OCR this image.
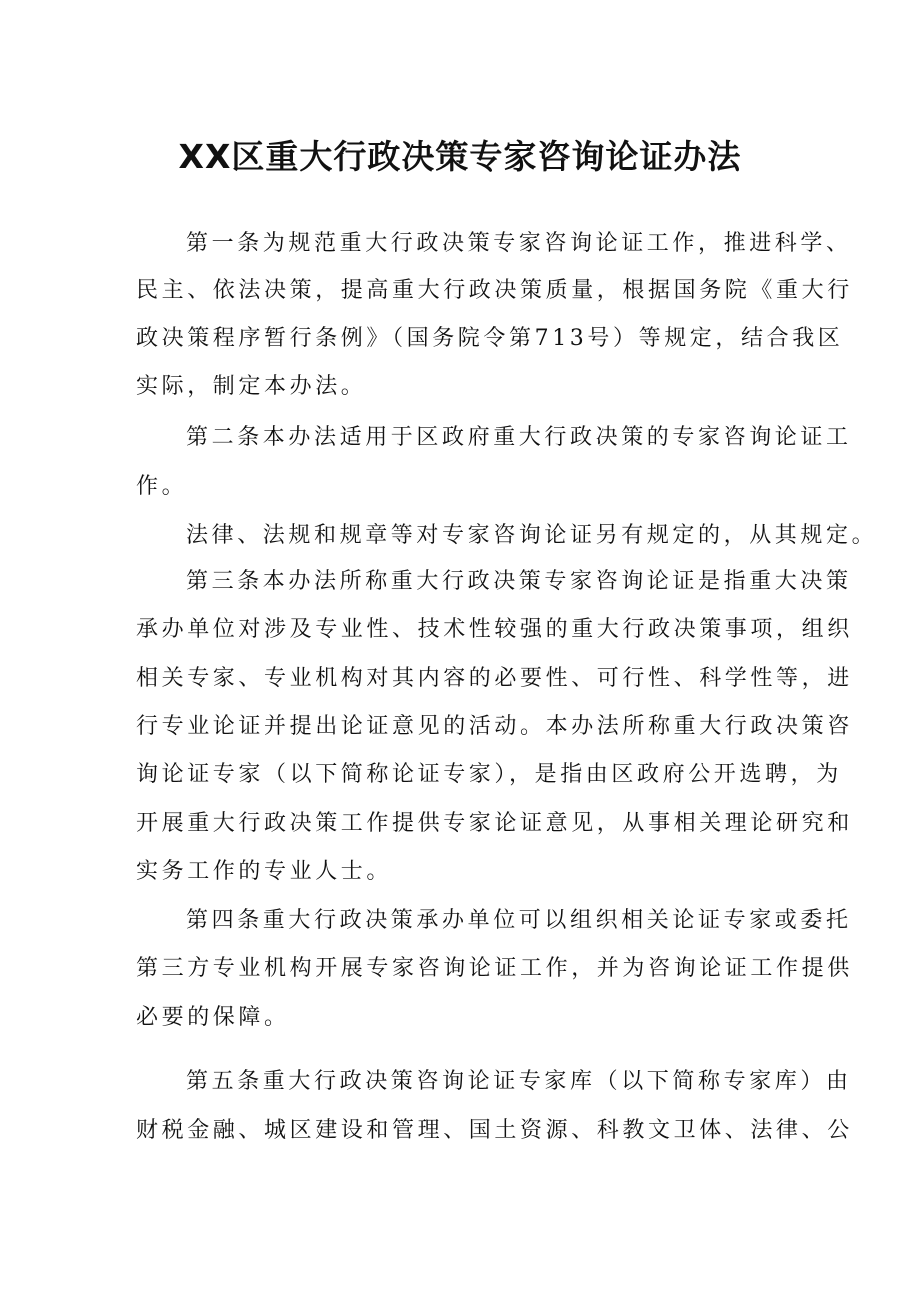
XX区重大行政决策专家咨询论证办法
第一条为规范重大行政决策专家咨询论证工作，推进科学、
民主、依法决策，提高重大行政决策质量，根据国务院《重大行
政决策程序暂行条例》（国务院令第713号）等规定，结合我区
实际，制定本办法。
第二条本办法适用于区政府重大行政决策的专家咨询论证工
作。
法律、法规和规章等对专家咨询论证另有规定的，从其规定。
第三条本办法所称重大行政决策专家咨询论证是指重大决策
承办单位对涉及专业性、技术性较强的重大行政决策事项，组织
相关专家、专业机构对其内容的必要性、可行性、科学性等，进
行专业论证并提出论证意见的活动。本办法所称重大行政决策咨
询论证专家（以下简称论证专家），是指由区政府公开选聘，为
开展重大行政决策工作提供专家论证意见，从事相关理论研究和
实务工作的专业人士。
第四条重大行政决策承办单位可以组织相关论证专家或委托
第三方专业机构开展专家咨询论证工作，并为咨询论证工作提供
必要的保障。
第五条重大行政决策咨询论证专家库（以下简称专家库）由
财税金融、城区建设和管理、国土资源、科教文卫体、法律、公
